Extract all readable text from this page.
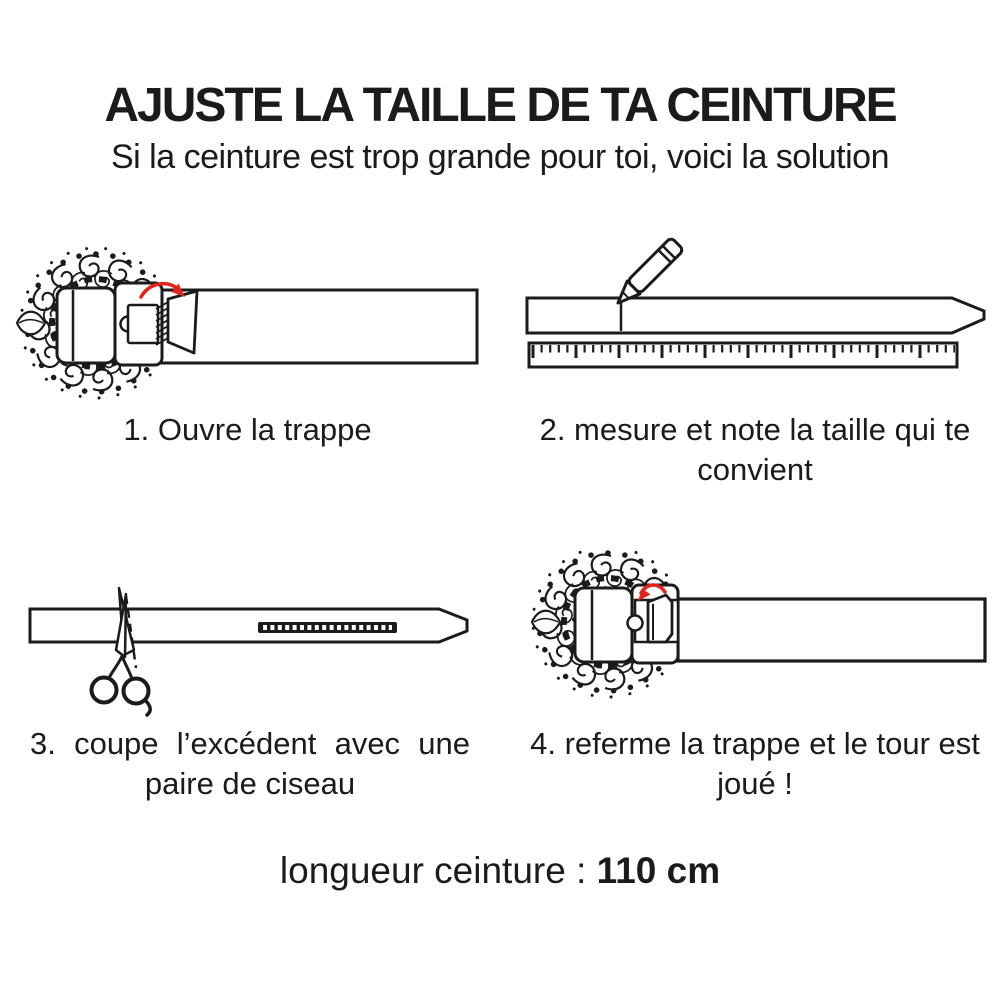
AJUSTE LA TAILLE DE TA CEINTURE

Si la ceinture est trop grande pour toi, voici la solution

1. Ouvre la trappe	2. mesure et note la taille qui te convient

3. coupe l’excédent avec une paire de ciseau

4. referme la trappe et le tour est joué !

longueur ceinture : 110 cm
